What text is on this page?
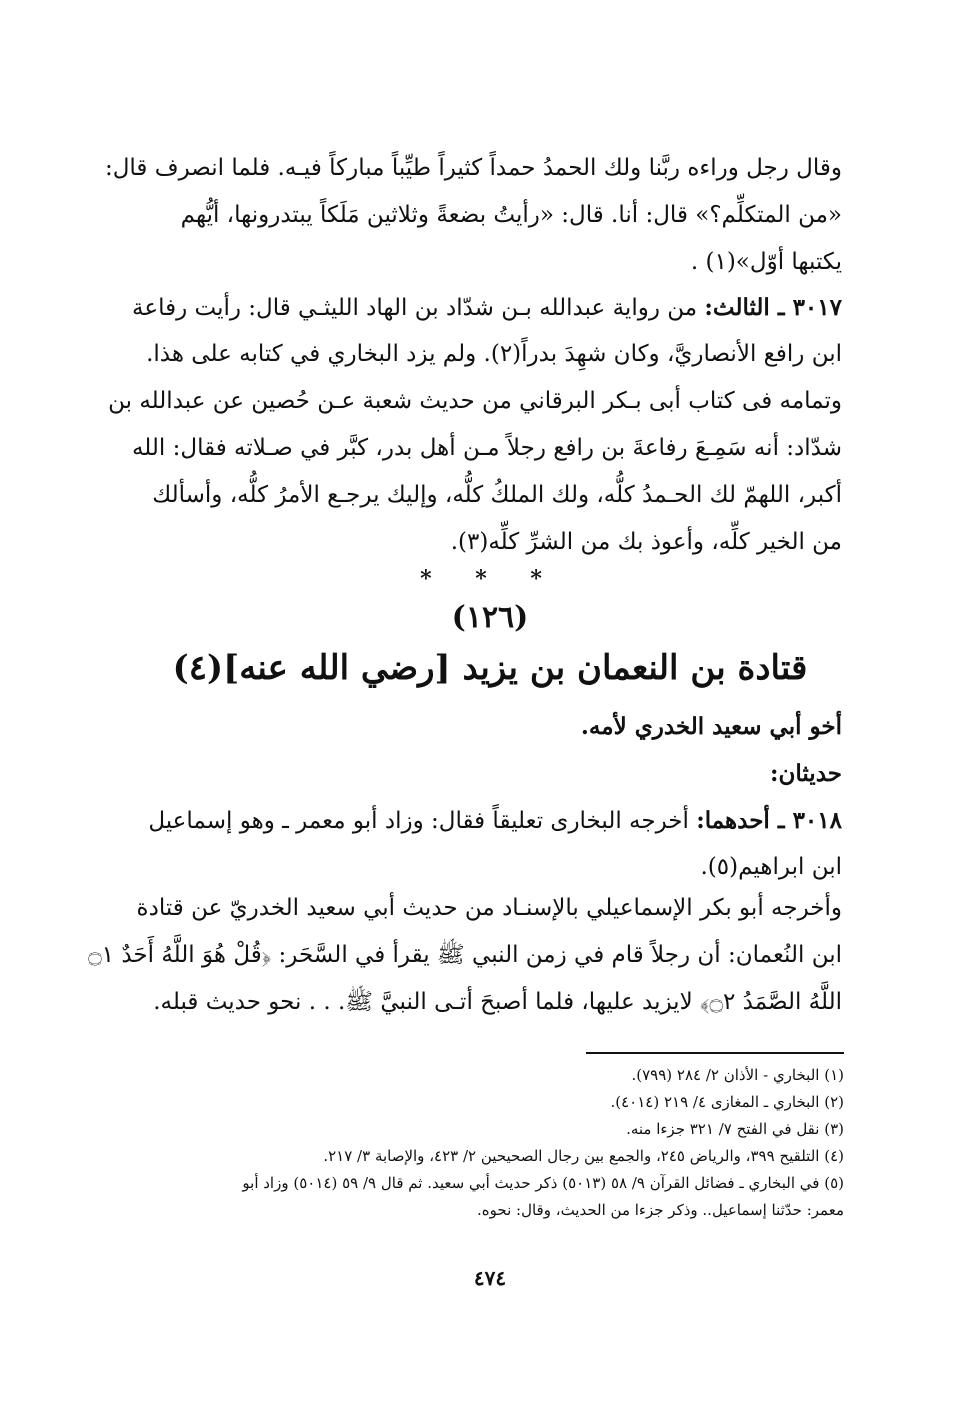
وقال رجل وراءه ربَّنا ولك الحمدُ حمداً كثيراً طيِّباً مباركاً فيـه. فلما انصرف قال:
«من المتكلِّم؟» قال: أنا. قال: «رأيتُ بضعةً وثلاثين مَلَكاً يبتدرونها، أيُّهم
يكتبها أوّل»(١) .
٣٠١٧ ـ الثالث: من رواية عبدالله بـن شدّاد بن الهاد الليثـي قال: رأيت رفاعة
ابن رافع الأنصاريَّ، وكان شهِدَ بدراً(٢). ولم يزد البخاري في كتابه على هذا.
وتمامه فى كتاب أبى بـكر البرقاني من حديث شعبة عـن حُصين عن عبدالله بن
شدّاد: أنه سَمِـعَ رفاعةَ بن رافع رجلاً مـن أهل بدر، كبَّر في صـلاته فقال: الله
أكبر، اللهمّ لك الحـمدُ كلُّه، ولك الملكُ كلُّه، وإليك يرجـع الأمرُ كلُّه، وأسألك
من الخير كلِّه، وأعوذ بك من الشرِّ كلِّه(٣).
* * *
(١٢٦)
قتادة بن النعمان بن يزيد [رضي الله عنه](٤)
أخو أبي سعيد الخدري لأمه.
حديثان:
٣٠١٨ ـ أحدهما: أخرجه البخارى تعليقاً فقال: وزاد أبو معمر ـ وهو إسماعيل
ابن ابراهيم(٥).
وأخرجه أبو بكر الإسماعيلي بالإسنـاد من حديث أبي سعيد الخدريّ عن قتادة
ابن النُعمان: أن رجلاً قام في زمن النبي ﷺ يقرأ في السَّحَر: ﴿قُلْ هُوَ اللَّهُ أَحَدٌ ۝١
اللَّهُ الصَّمَدُ ۝٢﴾ لايزيد عليها، فلما أصبحَ أتـى النبيَّ ﷺ. . . نحو حديث قبله.
(١) البخاري - الأذان ٢/ ٢٨٤ (٧٩٩).
(٢) البخاري ـ المغازى ٤/ ٢١٩ (٤٠١٤).
(٣) نقل في الفتح ٧/ ٣٢١ جزءا منه.
(٤) التلقيح ٣٩٩، والرياض ٢٤٥، والجمع بين رجال الصحيحين ٢/ ٤٢٣، والإصابة ٣/ ٢١٧.
(٥) في البخاري ـ فضائل القرآن ٩/ ٥٨ (٥٠١٣) ذكر حديث أبي سعيد. ثم قال ٩/ ٥٩ (٥٠١٤) وزاد أبو
معمر: حدّثنا إسماعيل.. وذكر جزءا من الحديث، وقال: نحوه.
٤٧٤
